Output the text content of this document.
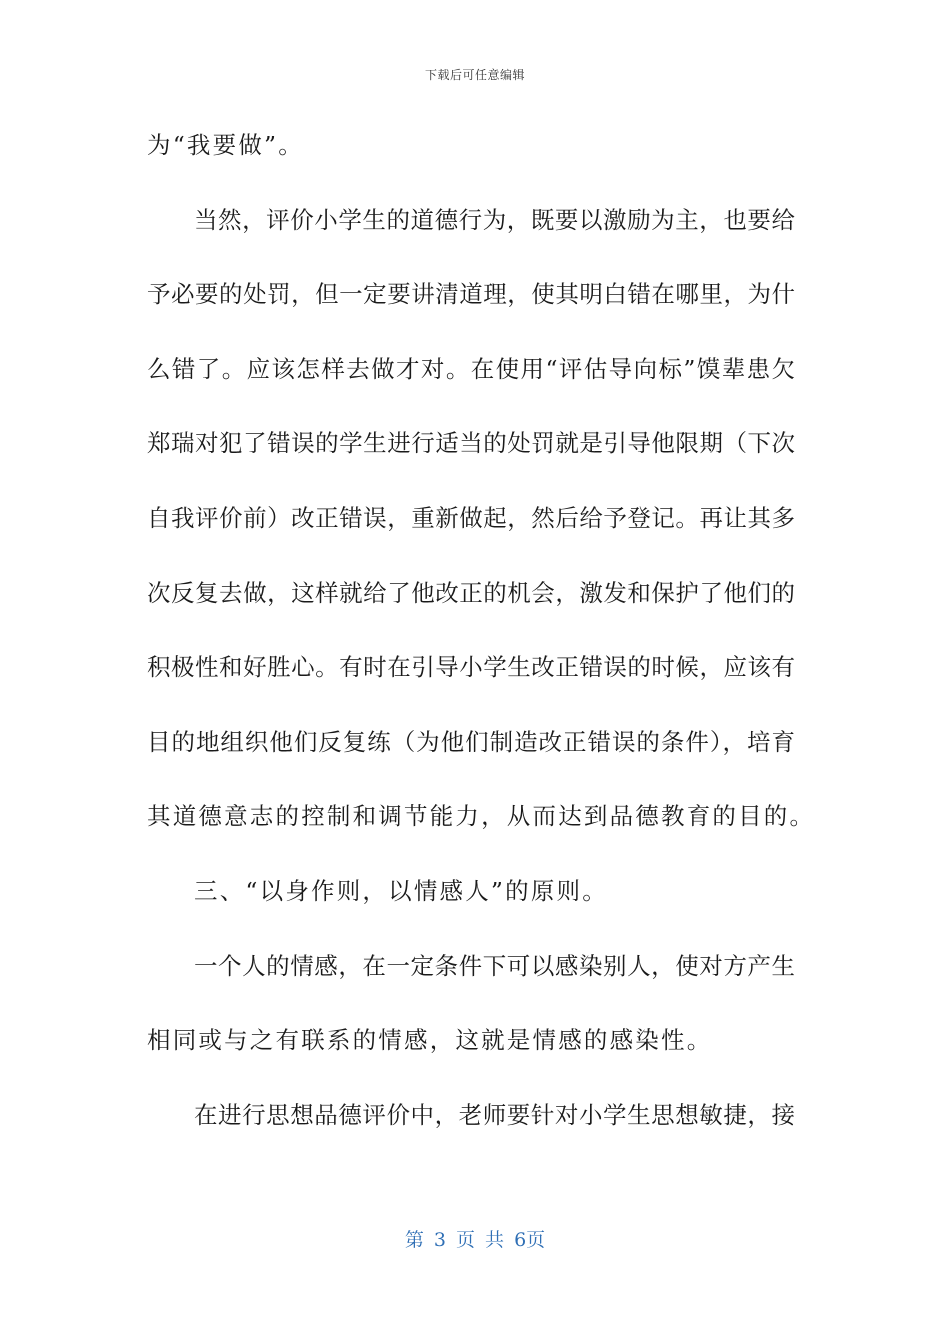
下载后可任意编辑
为“我要做”。
当然，评价小学生的道德行为，既要以激励为主，也要给
予必要的处罚，但一定要讲清道理，使其明白错在哪里，为什
么错了。应该怎样去做才对。在使用“评估导向标”馍辈患欠
郑瑞对犯了错误的学生进行适当的处罚就是引导他限期（下次
自我评价前）改正错误，重新做起，然后给予登记。再让其多
次反复去做，这样就给了他改正的机会，激发和保护了他们的
积极性和好胜心。有时在引导小学生改正错误的时候，应该有
目的地组织他们反复练（为他们制造改正错误的条件），培育
其道德意志的控制和调节能力，从而达到品德教育的目的。
三、“以身作则，以情感人”的原则。
一个人的情感，在一定条件下可以感染别人，使对方产生
相同或与之有联系的情感，这就是情感的感染性。
在进行思想品德评价中，老师要针对小学生思想敏捷，接
第 3 页 共 6页
